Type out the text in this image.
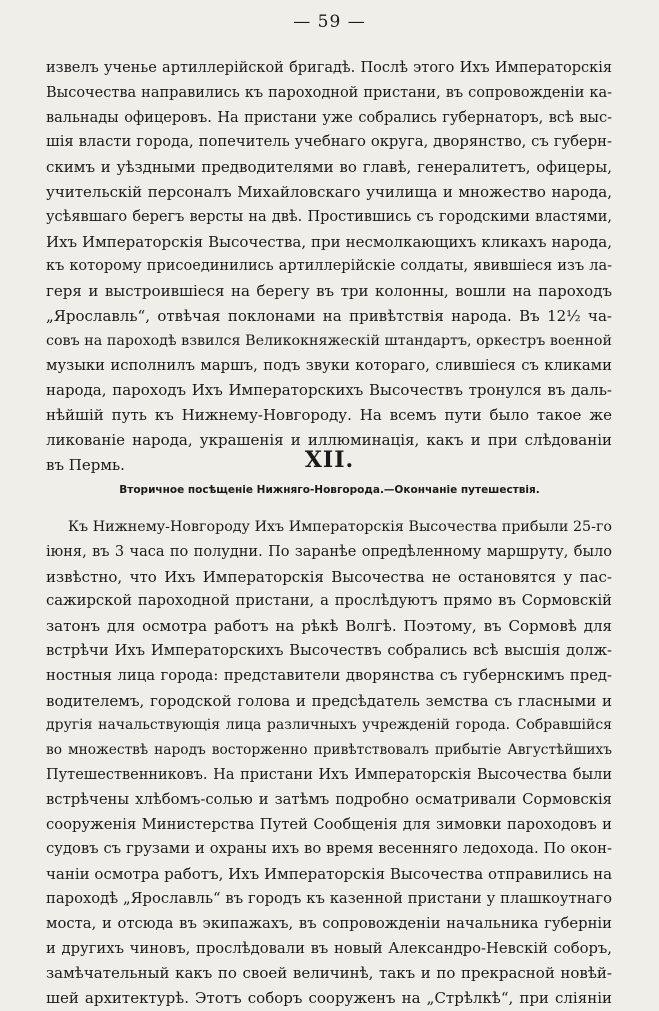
— 59 —
извелъ ученье артиллерійской бригадѣ. Послѣ этого Ихъ Императорскія
Высочества направились къ пароходной пристани, въ сопровожденіи ка-
вальнады офицеровъ. На пристани уже собрались губернаторъ, всѣ выс-
шія власти города, попечитель учебнаго округа, дворянство, съ губерн-
скимъ и уѣздными предводителями во главѣ, генералитетъ, офицеры,
учительскій персоналъ Михайловскаго училища и множество народа,
усѣявшаго берегъ версты на двѣ. Простившись съ городскими властями,
Ихъ Императорскія Высочества, при несмолкающихъ кликахъ народа,
къ которому присоединились артиллерійскіе солдаты, явившіеся изъ ла-
геря и выстроившіеся на берегу въ три колонны, вошли на пароходъ
„Ярославль“, отвѣчая поклонами на привѣтствія народа. Въ 12½ ча-
совъ на пароходѣ взвился Великокняжескій штандартъ, оркестръ военной
музыки исполнилъ маршъ, подъ звуки котораго, слившіеся съ кликами
народа, пароходъ Ихъ Императорскихъ Высочествъ тронулся въ даль-
нѣйшій путь къ Нижнему-Новгороду. На всемъ пути было такое же
ликованіе народа, украшенія и иллюминація, какъ и при слѣдованіи
въ Пермь.	XII.
Вторичное посѣщеніе Нижняго-Новгорода.—Окончаніе путешествія.
Къ Нижнему-Новгороду Ихъ Императорскія Высочества прибыли 25-го
іюня, въ 3 часа по полудни. По заранѣе опредѣленному маршруту, было
извѣстно, что Ихъ Императорскія Высочества не остановятся у пас-
сажирской пароходной пристани, а прослѣдуютъ прямо въ Сормовскій
затонъ для осмотра работъ на рѣкѣ Волгѣ. Поэтому, въ Сормовѣ для
встрѣчи Ихъ Императорскихъ Высочествъ собрались всѣ высшія долж-
ностныя лица города: представители дворянства съ губернскимъ пред-
водителемъ, городской голова и предсѣдатель земства съ гласными и
другія начальствующія лица различныхъ учрежденій города. Собравшійся
во множествѣ народъ восторженно привѣтствовалъ прибытіе Августѣйшихъ
Путешественниковъ. На пристани Ихъ Императорскія Высочества были
встрѣчены хлѣбомъ-солью и затѣмъ подробно осматривали Сормовскія
сооруженія Министерства Путей Сообщенія для зимовки пароходовъ и
судовъ съ грузами и охраны ихъ во время весенняго ледохода. По окон-
чаніи осмотра работъ, Ихъ Императорскія Высочества отправились на
пароходѣ „Ярославль“ въ городъ къ казенной пристани у плашкоутнаго
моста, и отсюда въ экипажахъ, въ сопровожденіи начальника губерніи
и другихъ чиновъ, прослѣдовали въ новый Александро-Невскій соборъ,
замѣчательный какъ по своей величинѣ, такъ и по прекрасной новѣй-
шей архитектурѣ. Этотъ соборъ сооруженъ на „Стрѣлкѣ“, при сліяніи
